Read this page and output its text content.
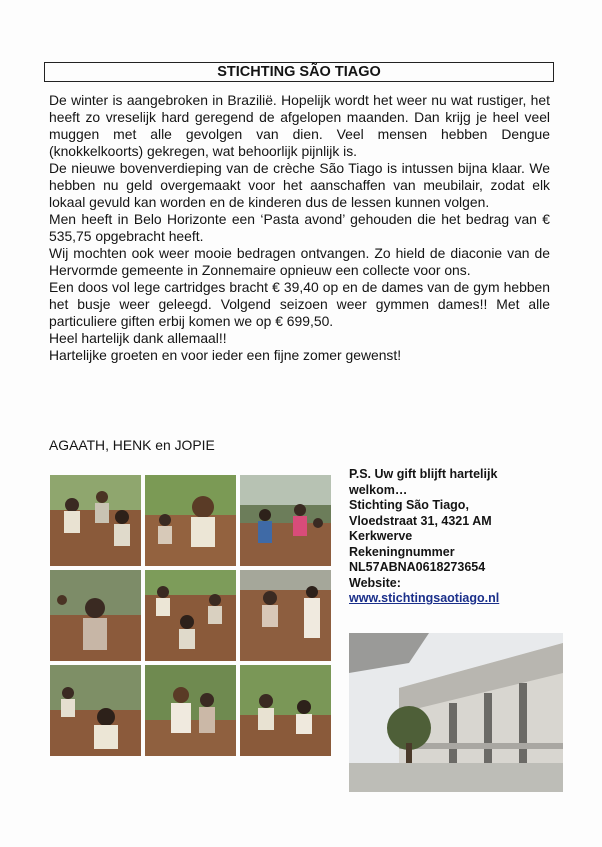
STICHTING SÃO TIAGO

De winter is aangebroken in Brazilië. Hopelijk wordt het weer nu wat rustiger, het heeft zo vreselijk hard geregend de afgelopen maanden. Dan krijg je heel veel muggen met alle gevolgen van dien. Veel mensen hebben Dengue (knokkelkoorts) gekregen, wat behoorlijk pijnlijk is.

De nieuwe bovenverdieping van de crèche São Tiago is intussen bijna klaar. We hebben nu geld overgemaakt voor het aanschaffen van meubilair, zodat elk lokaal gevuld kan worden en de kinderen dus de lessen kunnen volgen.

Men heeft in Belo Horizonte een ‘Pasta avond’ gehouden die het bedrag van € 535,75 opgebracht heeft.

Wij mochten ook weer mooie bedragen ontvangen. Zo hield de diaconie van de Hervormde gemeente in Zonnemaire opnieuw een collecte voor ons.

Een doos vol lege cartridges bracht € 39,40 op en de dames van de gym hebben het busje weer geleegd. Volgend seizoen weer gymmen dames!! Met alle particuliere giften erbij komen we op € 699,50.

Heel hartelijk dank allemaal!!

Hartelijke groeten en voor ieder een fijne zomer gewenst!

AGAATH, HENK en JOPIE
P.S. Uw gift blijft hartelijk
welkom…
Stichting São Tiago,
Vloedstraat 31, 4321 AM
Kerkwerve
Rekeningnummer
NL57ABNA0618273654
Website:
www.stichtingsaotiago.nl
